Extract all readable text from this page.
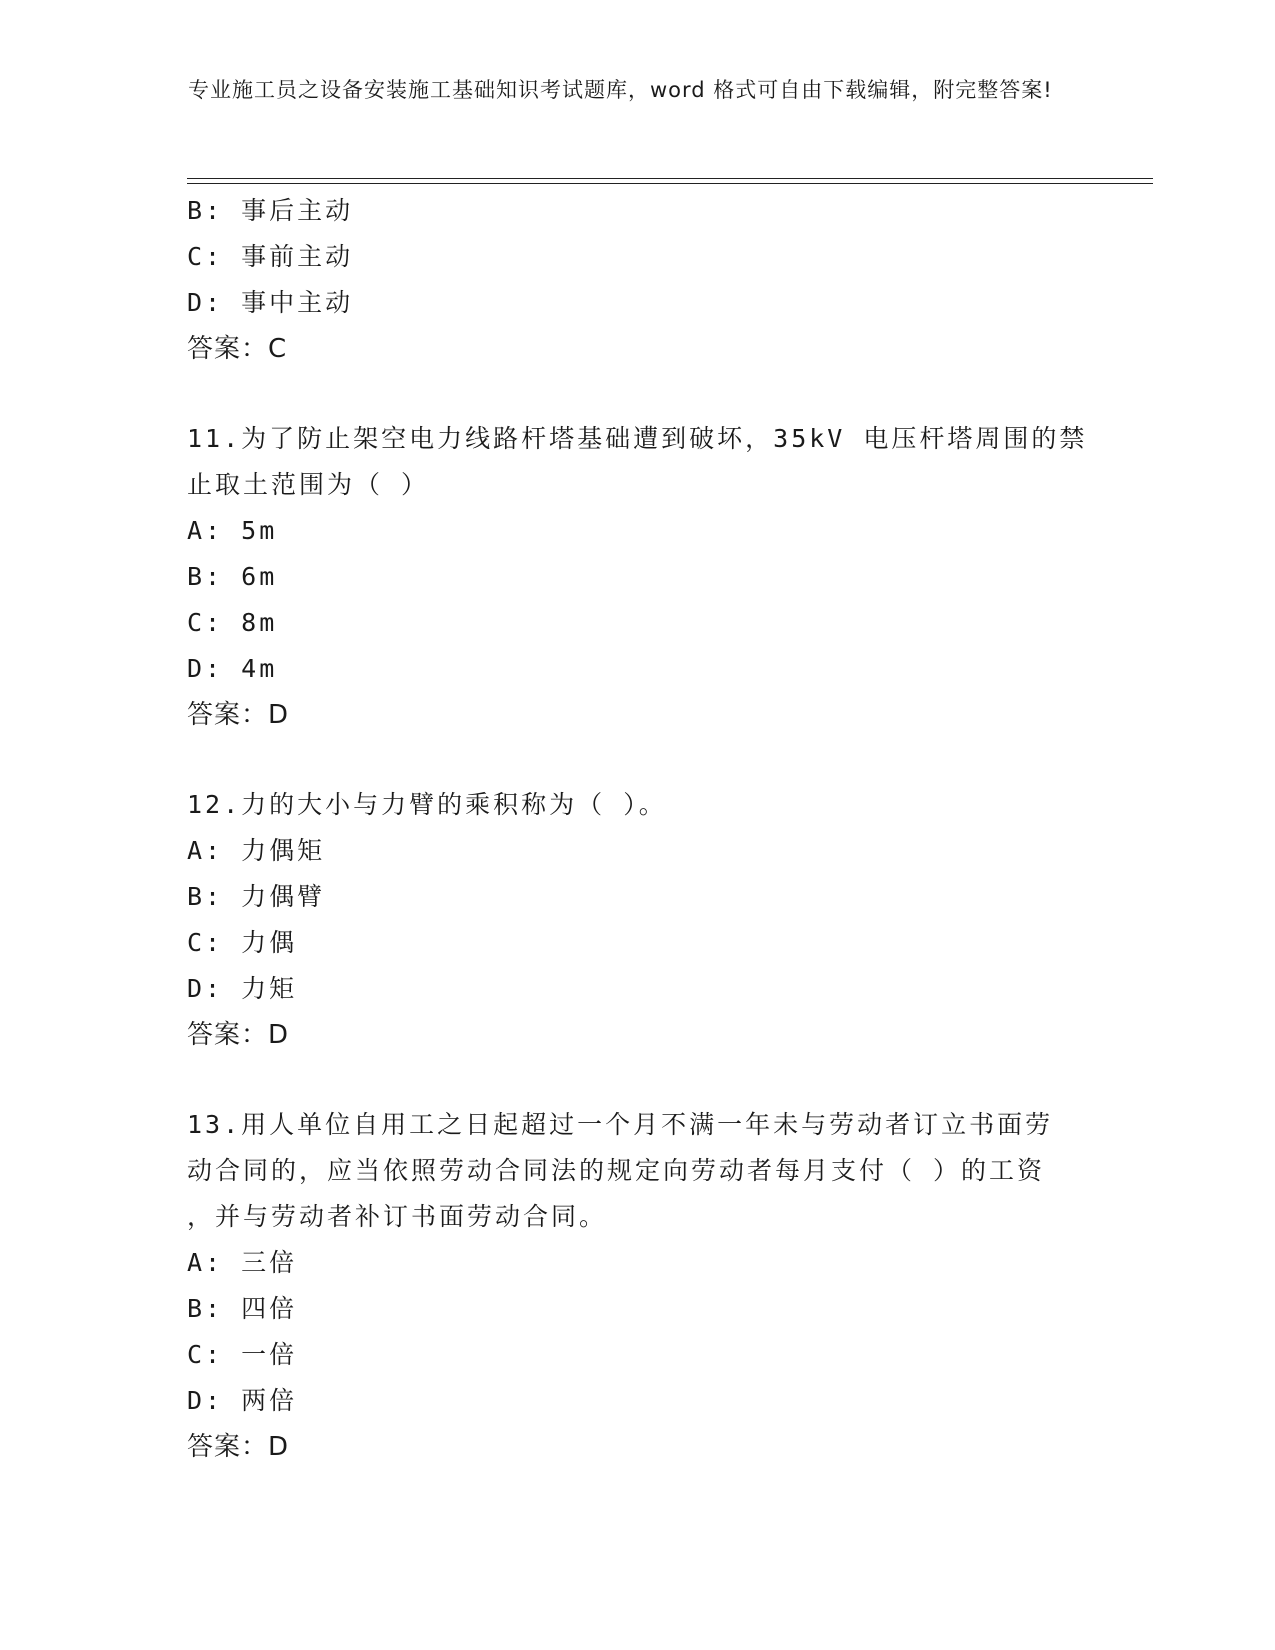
专业施工员之设备安装施工基础知识考试题库，word 格式可自由下载编辑，附完整答案!
B: 事后主动
C: 事前主动
D: 事中主动
答案：C
11.为了防止架空电力线路杆塔基础遭到破坏，35kV 电压杆塔周围的禁
止取土范围为（ ）
A: 5m
B: 6m
C: 8m
D: 4m
答案：D
12.力的大小与力臂的乘积称为（ ）。
A: 力偶矩
B: 力偶臂
C: 力偶
D: 力矩
答案：D
13.用人单位自用工之日起超过一个月不满一年未与劳动者订立书面劳
动合同的，应当依照劳动合同法的规定向劳动者每月支付（ ）的工资
，并与劳动者补订书面劳动合同。
A: 三倍
B: 四倍
C: 一倍
D: 两倍
答案：D
